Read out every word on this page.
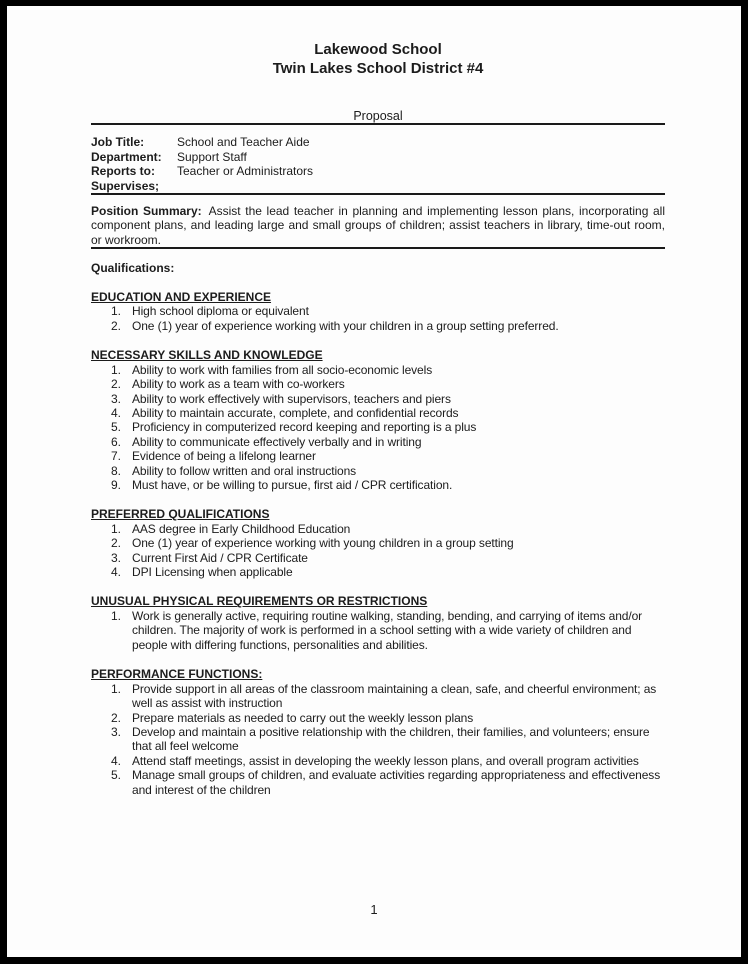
Lakewood School
Twin Lakes School District #4
Proposal
Job Title:	School and Teacher Aide
Department:	Support Staff
Reports to:	Teacher or Administrators
Supervises;
Position Summary: Assist the lead teacher in planning and implementing lesson plans, incorporating all component plans, and leading large and small groups of children; assist teachers in library, time-out room, or workroom.
Qualifications:
EDUCATION AND EXPERIENCE
1. High school diploma or equivalent
2. One (1) year of experience working with your children in a group setting preferred.
NECESSARY SKILLS AND KNOWLEDGE
1. Ability to work with families from all socio-economic levels
2. Ability to work as a team with co-workers
3. Ability to work effectively with supervisors, teachers and piers
4. Ability to maintain accurate, complete, and confidential records
5. Proficiency in computerized record keeping and reporting is a plus
6. Ability to communicate effectively verbally and in writing
7. Evidence of being a lifelong learner
8. Ability to follow written and oral instructions
9. Must have, or be willing to pursue, first aid / CPR certification.
PREFERRED QUALIFICATIONS
1. AAS degree in Early Childhood Education
2. One (1) year of experience working with young children in a group setting
3. Current First Aid / CPR Certificate
4. DPI Licensing when applicable
UNUSUAL PHYSICAL REQUIREMENTS OR RESTRICTIONS
1. Work is generally active, requiring routine walking, standing, bending, and carrying of items and/or children. The majority of work is performed in a school setting with a wide variety of children and people with differing functions, personalities and abilities.
PERFORMANCE FUNCTIONS:
1. Provide support in all areas of the classroom maintaining a clean, safe, and cheerful environment; as well as assist with instruction
2. Prepare materials as needed to carry out the weekly lesson plans
3. Develop and maintain a positive relationship with the children, their families, and volunteers; ensure that all feel welcome
4. Attend staff meetings, assist in developing the weekly lesson plans, and overall program activities
5. Manage small groups of children, and evaluate activities regarding appropriateness and effectiveness and interest of the children
1
